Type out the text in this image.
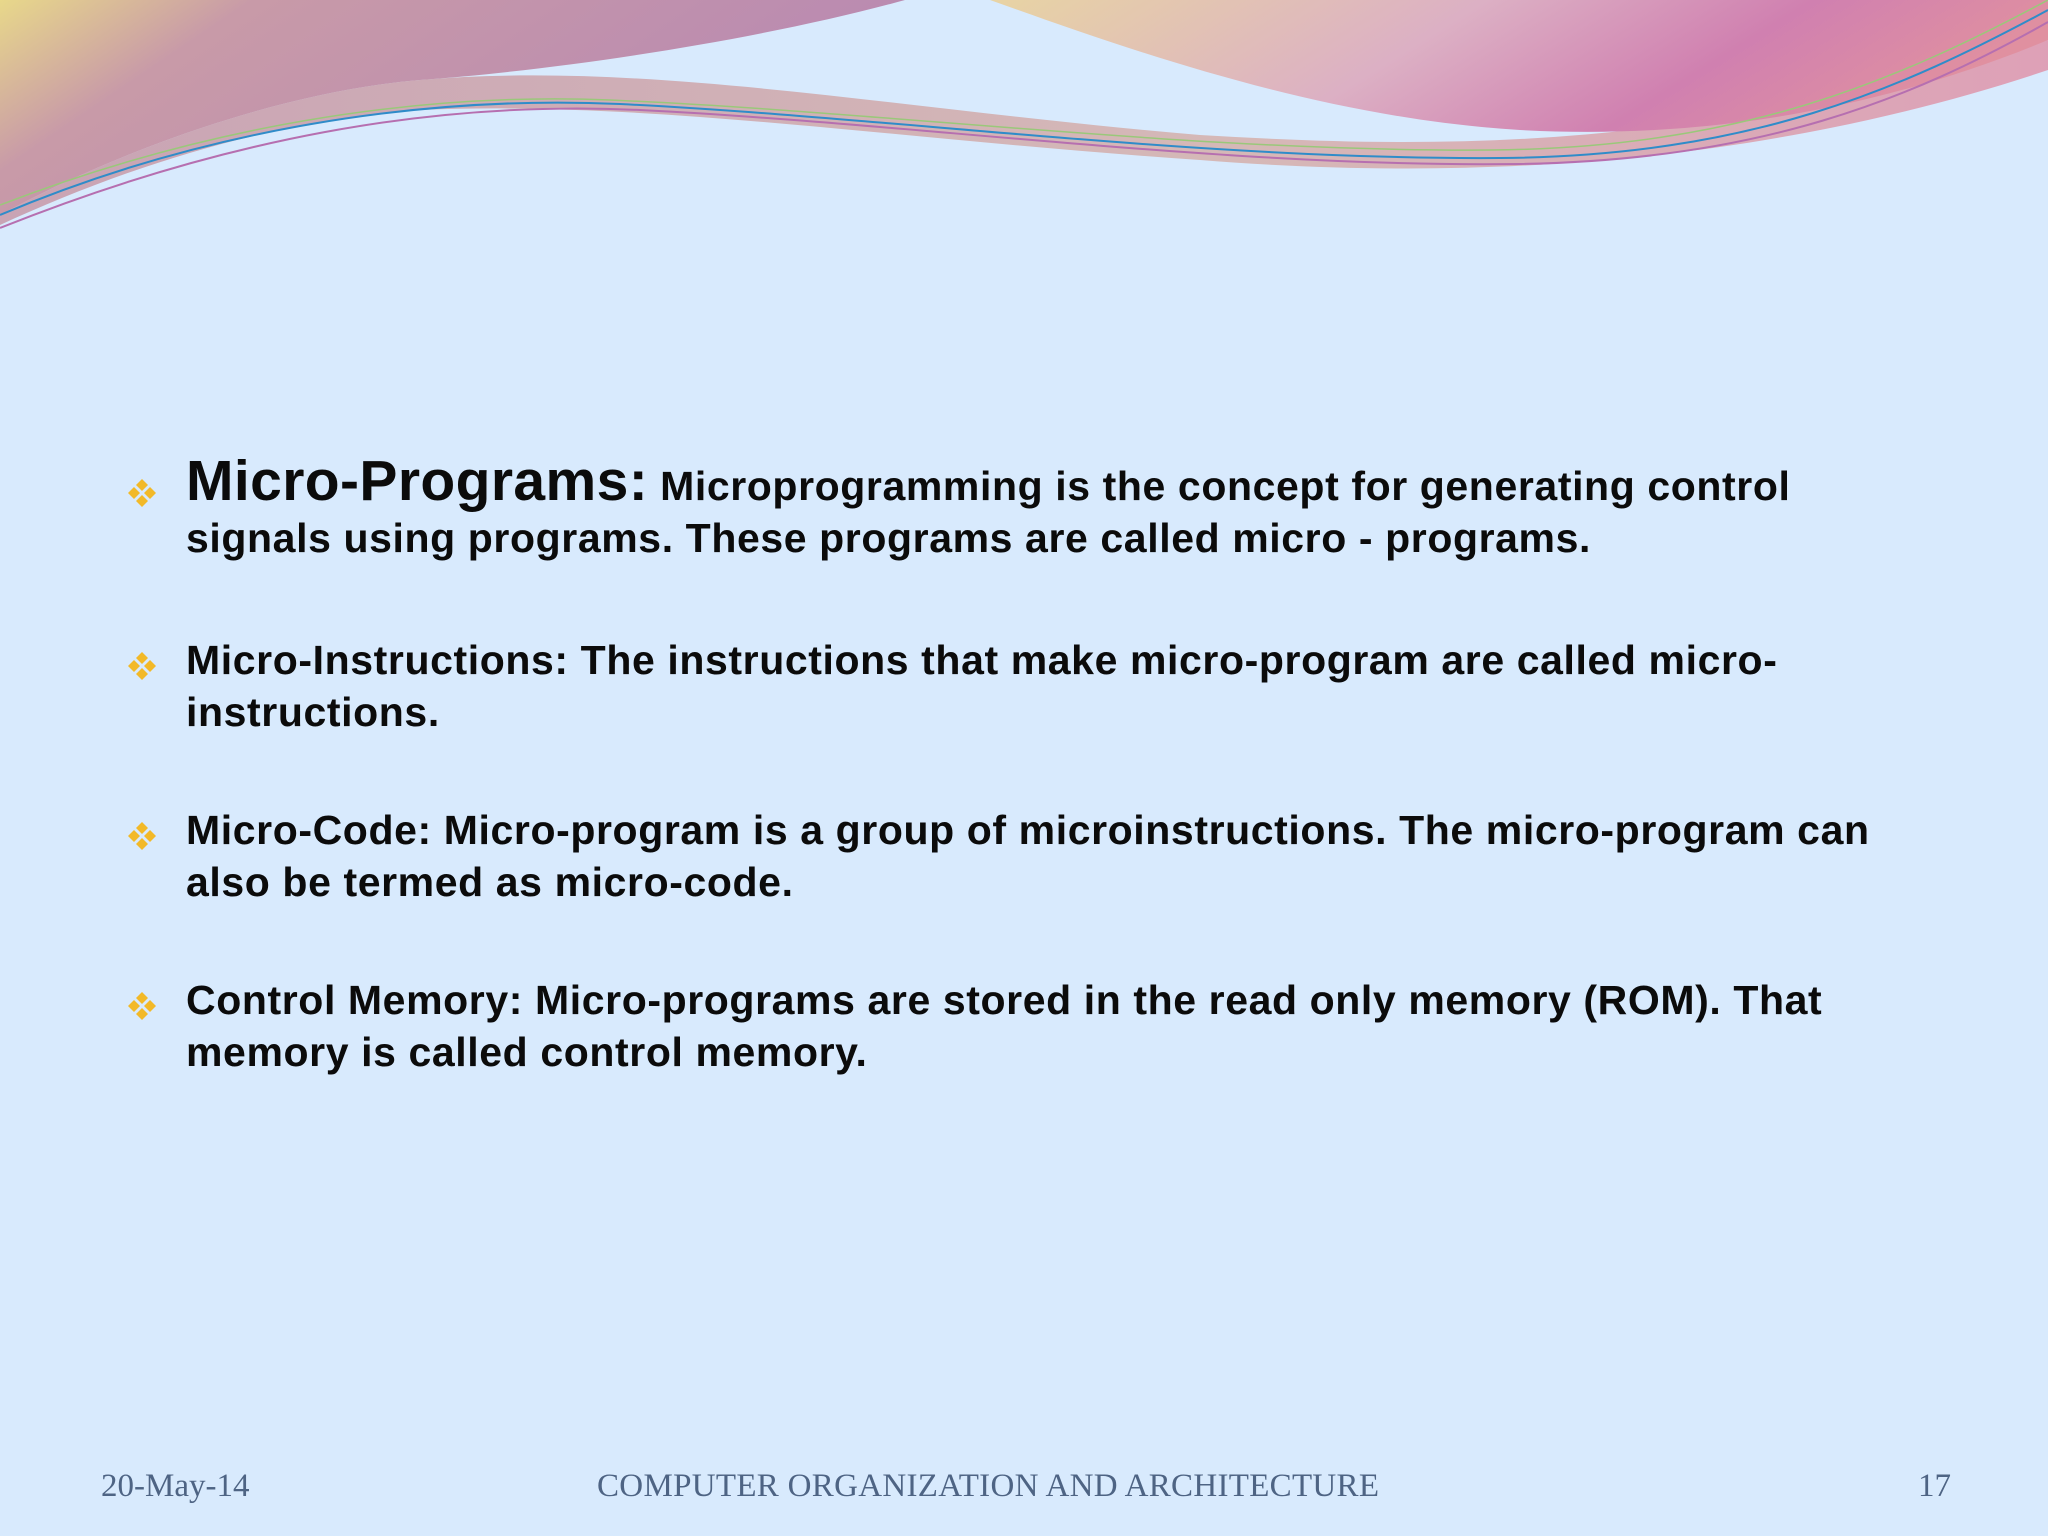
Micro-Programs: Microprogramming is the concept for generating control signals using programs. These programs are called micro - programs.
Micro-Instructions: The instructions that make micro-program are called micro-instructions.
Micro-Code: Micro-program is a group of microinstructions. The micro-program can also be termed as micro-code.
Control Memory: Micro-programs are stored in the read only memory (ROM). That memory is called control memory.
20-May-14	COMPUTER ORGANIZATION AND ARCHITECTURE	17
